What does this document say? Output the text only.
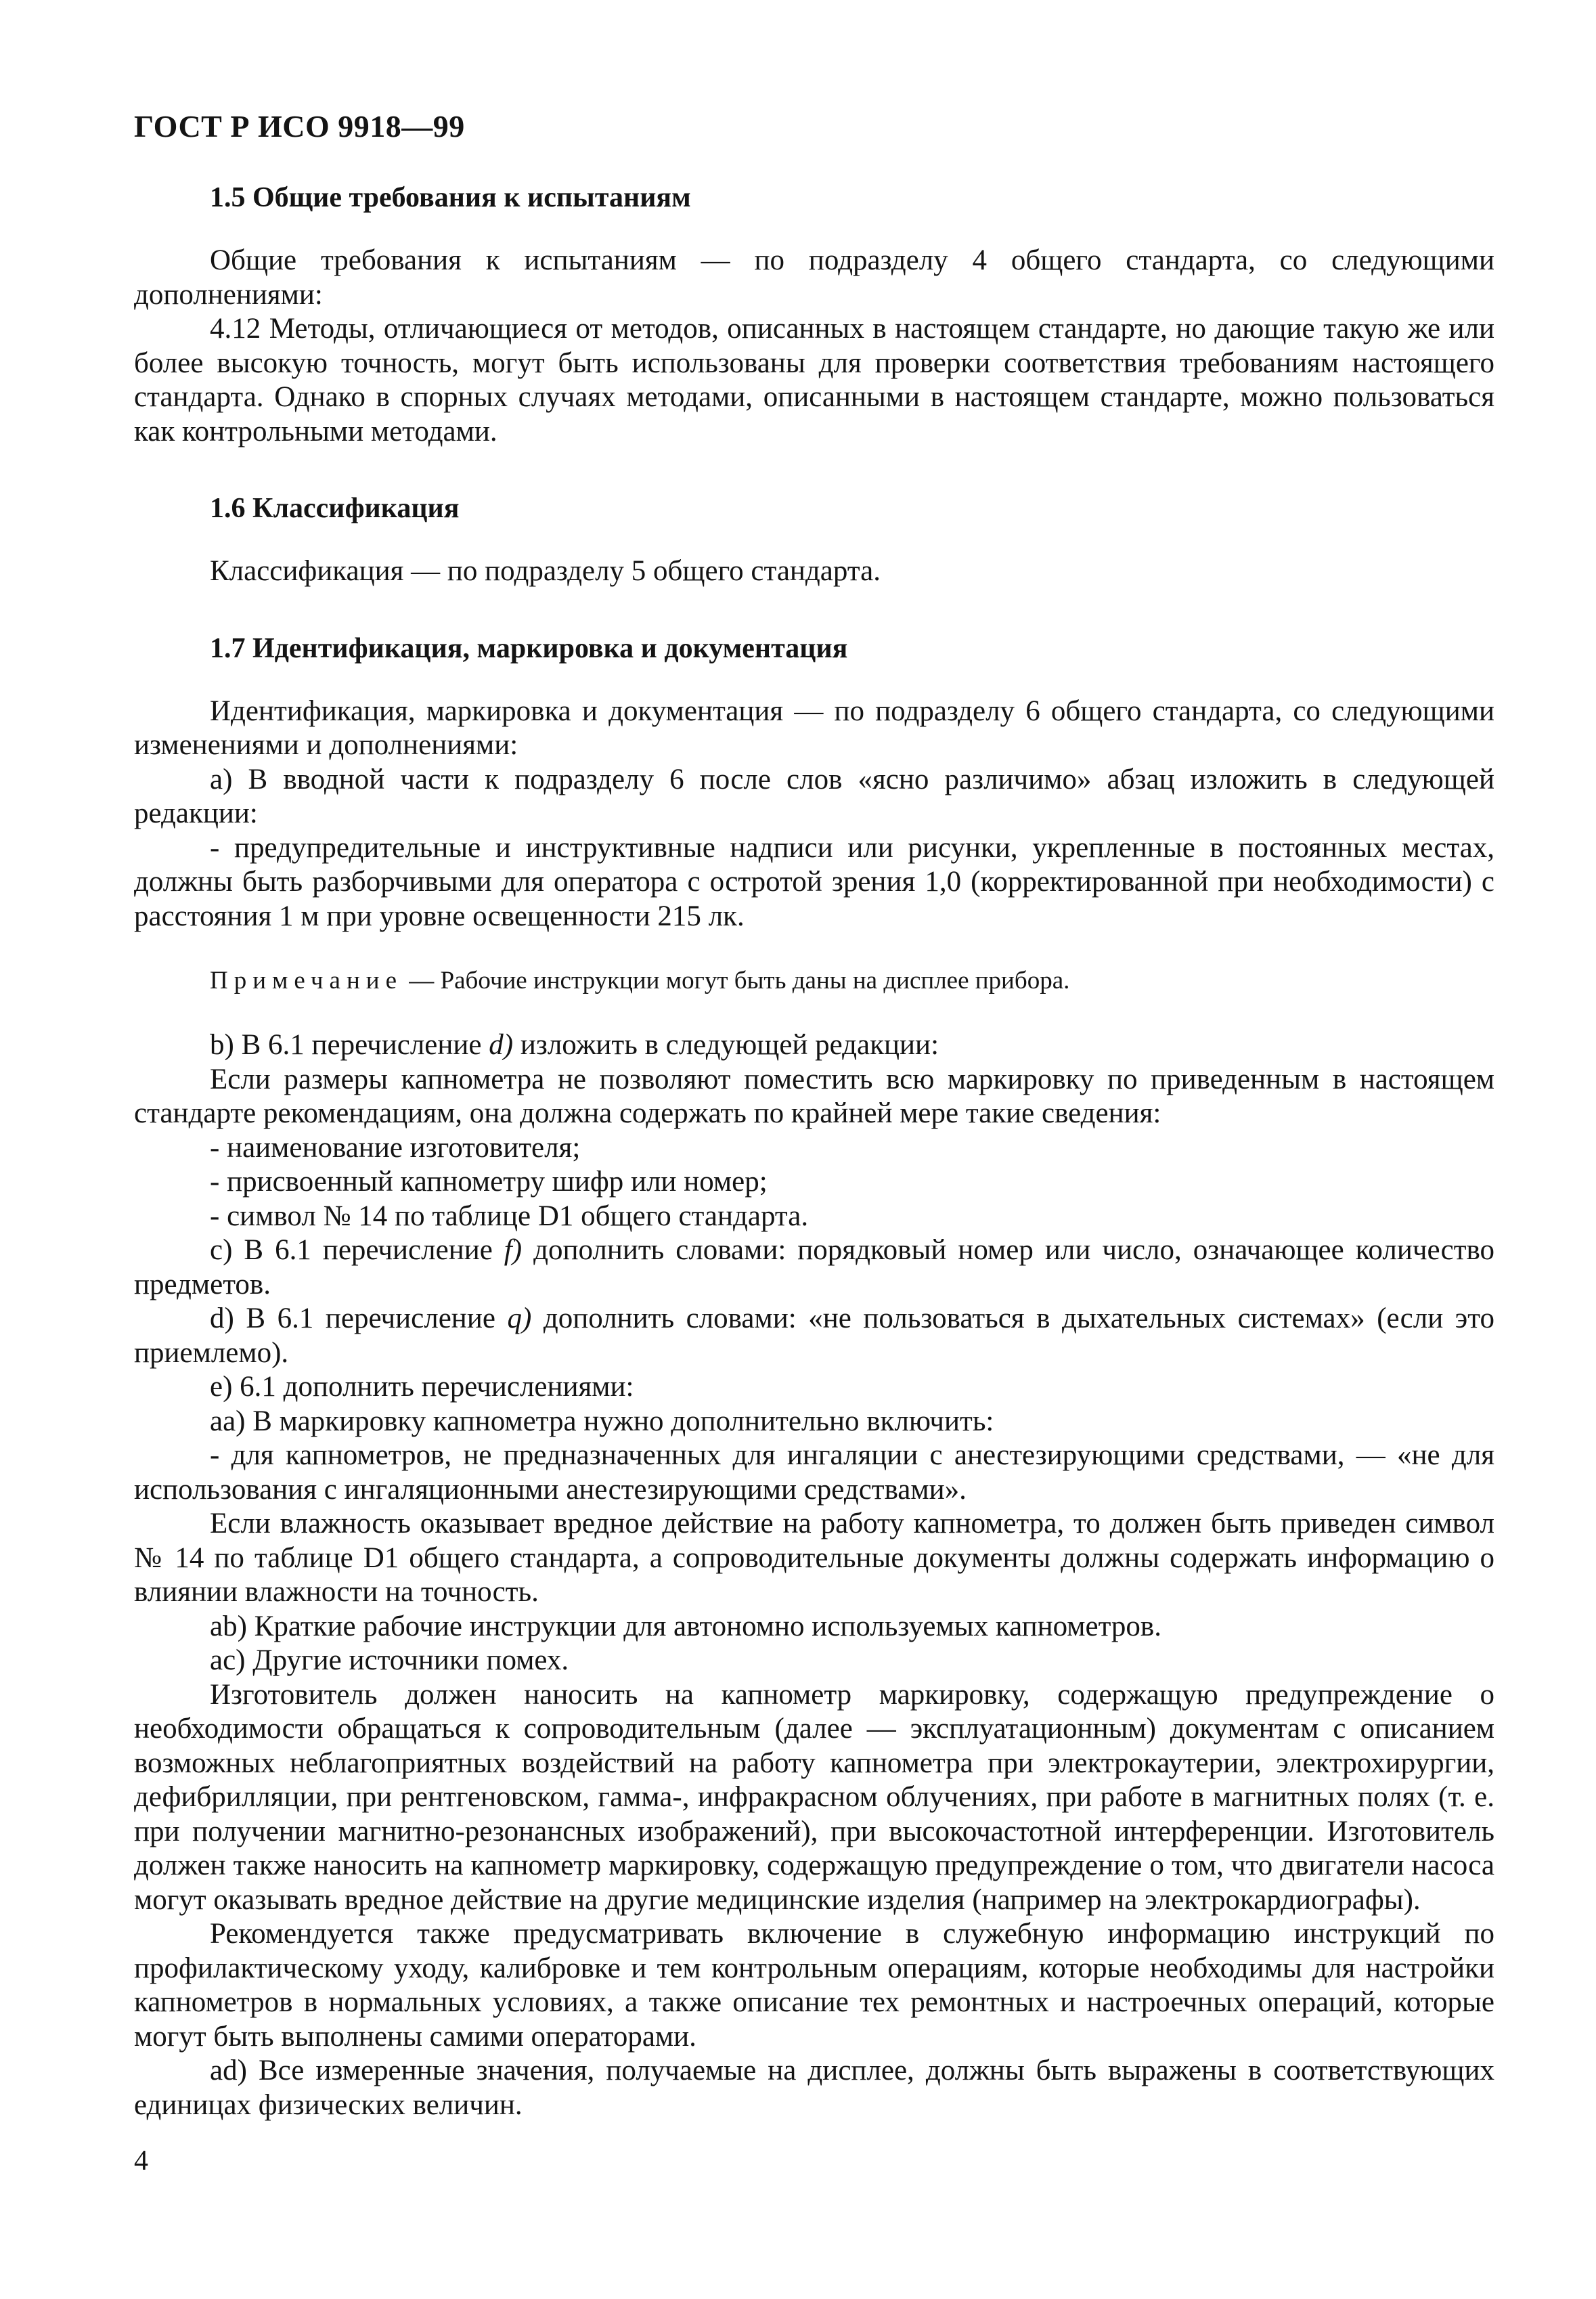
ГОСТ Р ИСО 9918—99
1.5 Общие требования к испытаниям

Общие требования к испытаниям — по подразделу 4 общего стандарта, со следующими дополнениями:

4.12 Методы, отличающиеся от методов, описанных в настоящем стандарте, но дающие такую же или более высокую точность, могут быть использованы для проверки соответствия требованиям настоящего стандарта. Однако в спорных случаях методами, описанными в настоящем стандарте, можно пользоваться как контрольными методами.

1.6 Классификация

Классификация — по подразделу 5 общего стандарта.

1.7 Идентификация, маркировка и документация

Идентификация, маркировка и документация — по подразделу 6 общего стандарта, со следующими изменениями и дополнениями:

а) В вводной части к подразделу 6 после слов «ясно различимо» абзац изложить в следующей редакции:

- предупредительные и инструктивные надписи или рисунки, укрепленные в постоянных местах, должны быть разборчивыми для оператора с остротой зрения 1,0 (корректированной при необходимости) с расстояния 1 м при уровне освещенности 215 лк.

Примечание — Рабочие инструкции могут быть даны на дисплее прибора.

b) В 6.1 перечисление d) изложить в следующей редакции:

Если размеры капнометра не позволяют поместить всю маркировку по приведенным в настоящем стандарте рекомендациям, она должна содержать по крайней мере такие сведения:

- наименование изготовителя;

- присвоенный капнометру шифр или номер;

- символ № 14 по таблице D1 общего стандарта.

с) В 6.1 перечисление f) дополнить словами: порядковый номер или число, означающее количество предметов.

d) В 6.1 перечисление q) дополнить словами: «не пользоваться в дыхательных системах» (если это приемлемо).

е) 6.1 дополнить перечислениями:

аа) В маркировку капнометра нужно дополнительно включить:

- для капнометров, не предназначенных для ингаляции с анестезирующими средствами, — «не для использования с ингаляционными анестезирующими средствами».

Если влажность оказывает вредное действие на работу капнометра, то должен быть приведен символ № 14 по таблице D1 общего стандарта, а сопроводительные документы должны содержать информацию о влиянии влажности на точность.

аb) Краткие рабочие инструкции для автономно используемых капнометров.

ас) Другие источники помех.

Изготовитель должен наносить на капнометр маркировку, содержащую предупреждение о необходимости обращаться к сопроводительным (далее — эксплуатационным) документам с описанием возможных неблагоприятных воздействий на работу капнометра при электрокаутерии, электрохирургии, дефибрилляции, при рентгеновском, гамма-, инфракрасном облучениях, при работе в магнитных полях (т. е. при получении магнитно-резонансных изображений), при высокочастотной интерференции. Изготовитель должен также наносить на капнометр маркировку, содержащую предупреждение о том, что двигатели насоса могут оказывать вредное действие на другие медицинские изделия (например на электрокардиографы).

Рекомендуется также предусматривать включение в служебную информацию инструкций по профилактическому уходу, калибровке и тем контрольным операциям, которые необходимы для настройки капнометров в нормальных условиях, а также описание тех ремонтных и настроечных операций, которые могут быть выполнены самими операторами.

аd) Все измеренные значения, получаемые на дисплее, должны быть выражены в соответствующих единицах физических величин.

4
